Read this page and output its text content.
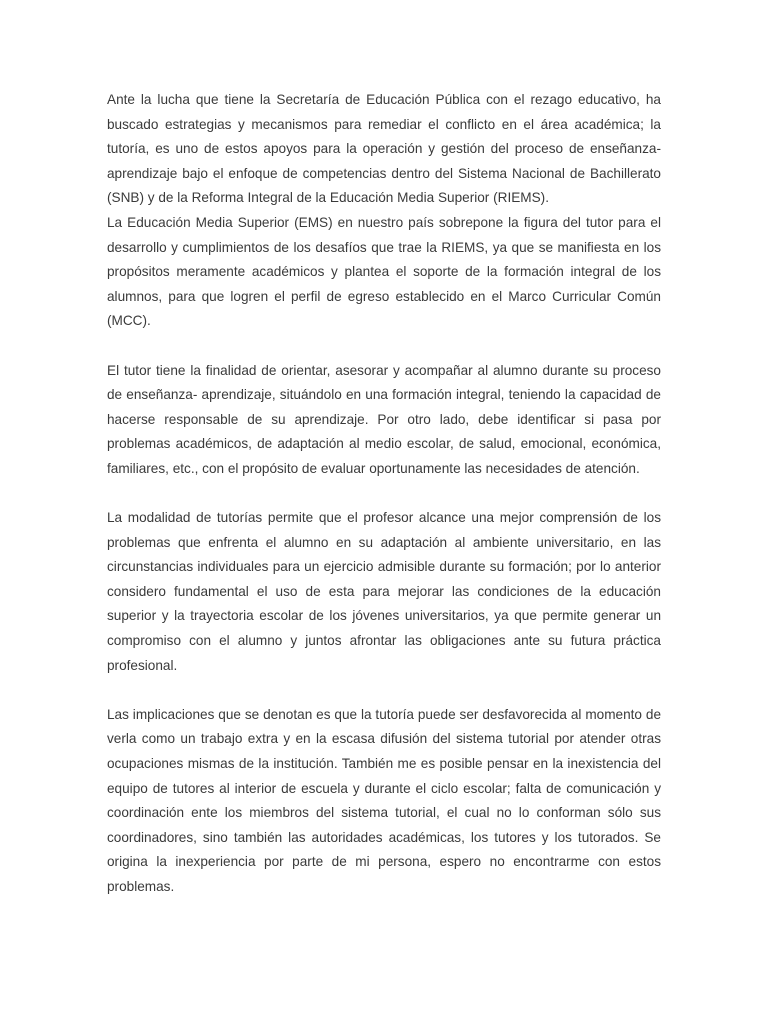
Ante la lucha que tiene la Secretaría de Educación Pública con el rezago educativo, ha buscado estrategias y mecanismos para remediar el conflicto en el área académica; la tutoría, es uno de estos apoyos para la operación y gestión del proceso de enseñanza-aprendizaje bajo el enfoque de competencias dentro del Sistema Nacional de Bachillerato (SNB) y de la Reforma Integral de la Educación Media Superior (RIEMS).

La Educación Media Superior (EMS) en nuestro país sobrepone la figura del tutor para el desarrollo y cumplimientos de los desafíos que trae la RIEMS, ya que se manifiesta en los propósitos meramente académicos y plantea el soporte de la formación integral de los alumnos, para que logren el perfil de egreso establecido en el Marco Curricular Común (MCC).

El tutor tiene la finalidad de orientar, asesorar y acompañar al alumno durante su proceso de enseñanza- aprendizaje, situándolo en una formación integral, teniendo la capacidad de hacerse responsable de su aprendizaje. Por otro lado, debe identificar si pasa por problemas académicos, de adaptación al medio escolar, de salud, emocional, económica, familiares, etc., con el propósito de evaluar oportunamente las necesidades de atención.

La modalidad de tutorías permite que el profesor alcance una mejor comprensión de los problemas que enfrenta el alumno en su adaptación al ambiente universitario, en las circunstancias individuales para un ejercicio admisible durante su formación; por lo anterior considero fundamental el uso de esta para mejorar las condiciones de la educación superior y la trayectoria escolar de los jóvenes universitarios, ya que permite generar un compromiso con el alumno y juntos afrontar las obligaciones ante su futura práctica profesional.

Las implicaciones que se denotan es que la tutoría puede ser desfavorecida al momento de verla como un trabajo extra y en la escasa difusión del sistema tutorial por atender otras ocupaciones mismas de la institución. También me es posible pensar en la inexistencia del equipo de tutores al interior de escuela y durante el ciclo escolar; falta de comunicación y coordinación ente los miembros del sistema tutorial, el cual no lo conforman sólo sus coordinadores, sino también las autoridades académicas, los tutores y los tutorados. Se origina la inexperiencia por parte de mi persona, espero no encontrarme con estos problemas.
